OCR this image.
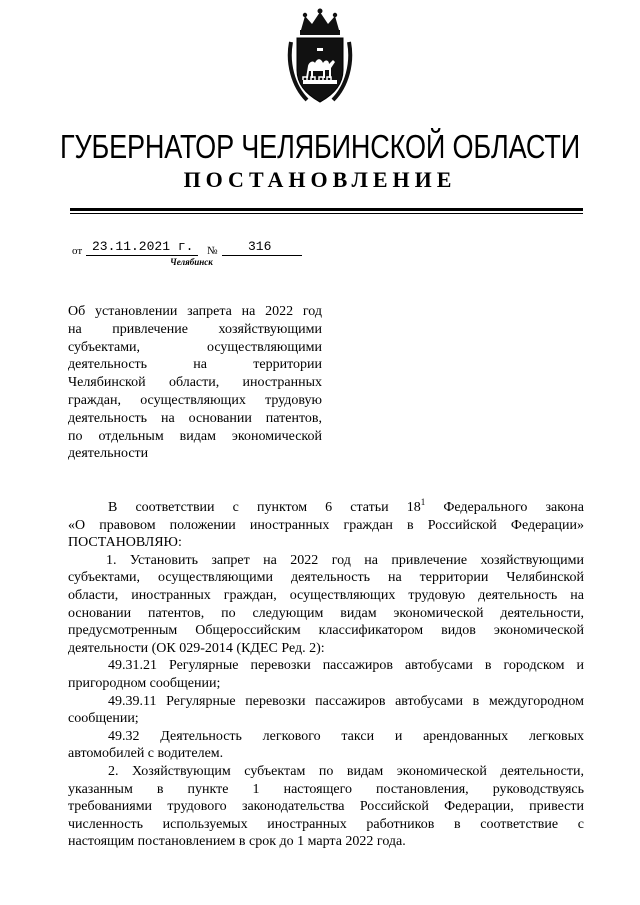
ГУБЕРНАТОР ЧЕЛЯБИНСКОЙ ОБЛАСТИ
ПОСТАНОВЛЕНИЕ
от 23.11.2021 г. № 316
Челябинск
Об установлении запрета на 2022 год
на привлечение хозяйствующими
субъектами, осуществляющими
деятельность на территории
Челябинской области, иностранных
граждан, осуществляющих трудовую
деятельность на основании патентов,
по отдельным видам экономической
деятельности

В соответствии с пунктом 6 статьи $18^1$ Федерального закона
«О правовом положении иностранных граждан в Российской Федерации»
ПОСТАНОВЛЯЮ:

1. Установить запрет на 2022 год на привлечение хозяйствующими
субъектами, осуществляющими деятельность на территории Челябинской
области, иностранных граждан, осуществляющих трудовую деятельность на
основании патентов, по следующим видам экономической деятельности,
предусмотренным Общероссийским классификатором видов экономической
деятельности (ОК 029-2014 (КДЕС Ред. 2):

49.31.21 Регулярные перевозки пассажиров автобусами в городском и
пригородном сообщении;

49.39.11 Регулярные перевозки пассажиров автобусами в междугородном
сообщении;

49.32 Деятельность легкового такси и арендованных легковых
автомобилей с водителем.

2. Хозяйствующим субъектам по видам экономической деятельности,
указанным в пункте 1 настоящего постановления, руководствуясь
требованиями трудового законодательства Российской Федерации, привести
численность используемых иностранных работников в соответствие с
настоящим постановлением в срок до 1 марта 2022 года.
